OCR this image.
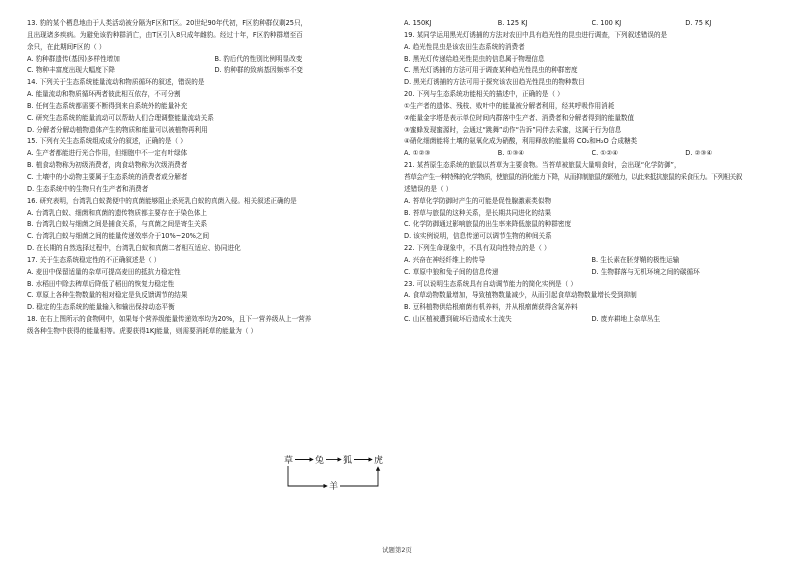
13. 豹的某个栖息地由于人类活动被分隔为F区和T区。20世纪90年代初，F区豹种群仅剩25只，
且出现诸多疾病。为避免该豹种群消亡，由T区引入8只成年雌豹。经过十年，F区豹种群增至百
余只，在此期间F区的（ ）
A. 豹种群遗传(基因)多样性增加	B. 豹后代的性别比例明显改变
C. 物种丰富度出现大幅度下降	D. 豹种群的致病基因频率不变
14. 下列关于生态系统能量流动和物质循环的叙述，错误的是
A. 能量流动和物质循环两者彼此相互依存，不可分割
B. 任何生态系统都需要不断得到来自系统外的能量补充
C. 研究生态系统的能量流动可以帮助人们合理调整能量流动关系
D. 分解者分解动植物遗体产生的物质和能量可以被植物再利用
15. 下列有关生态系统组成成分的叙述，正确的是（ ）
A. 生产者都能进行光合作用，但细胞中不一定有叶绿体
B. 植食动物称为初级消费者，肉食动物称为次级消费者
C. 土壤中的小动物主要属于生态系统的消费者或分解者
D. 生态系统中的生物只有生产者和消费者
16. 研究表明，台湾乳白蚁粪便中的真菌能够阻止杀死乳白蚁的真菌入侵。相关叙述正确的是
A. 台湾乳白蚁、细菌和真菌的遗传物质都主要存在于染色体上
B. 台湾乳白蚁与细菌之间是捕食关系，与真菌之间是寄生关系
C. 台湾乳白蚁与细菌之间的能量传递效率介于10%~20%之间
D. 在长期的自然选择过程中，台湾乳白蚁和真菌二者相互适应、协同进化
17. 关于生态系统稳定性的不正确叙述是（ ）
A. 麦田中保留适量的杂草可提高麦田的抵抗力稳定性
B. 水稻田中除去稗草后降低了稻田的恢复力稳定性
C. 草原上各种生物数量的相对稳定是负反馈调节的结果
D. 稳定的生态系统的能量输入和输出保持动态平衡
18. 在右上图所示的食物网中，如果每个营养级能量传递效率均为20%，且下一营养级从上一营养
级各种生物中获得的能量相等。虎要获得1KJ能量，则需要消耗草的能量为（ ）
草 兔 狐 虎
羊
A. 150KJ	B. 125 KJ	C. 100 KJ	D. 75 KJ
19. 某同学运用黑光灯诱捕的方法对农田中具有趋光性的昆虫进行调查，下列叙述错误的是
A. 趋光性昆虫是该农田生态系统的消费者
B. 黑光灯传递给趋光性昆虫的信息属于物理信息
C. 黑光灯诱捕的方法可用于调查某种趋光性昆虫的种群密度
D. 黑光灯诱捕的方法可用于探究该农田趋光性昆虫的物种数目
20. 下列与生态系统功能相关的描述中，正确的是（ ）
①生产者的遗体、残枝、败叶中的能量被分解者利用，经其呼吸作用消耗
②能量金字塔是表示单位时间内群落中生产者、消费者和分解者得到的能量数值
③蜜蜂发现蜜源时，会通过“跳舞”动作“告诉”同伴去采蜜，这属于行为信息
④硝化细菌能将土壤的氨氧化成为硝酸，利用释放的能量将 CO₂和H₂O 合成糖类
A. ①②③	B. ①③④	C. ①②④	D. ②③④
21. 某苔原生态系统的旅鼠以苔草为主要食物。当苔草被旅鼠大量啃食时，会出现“化学防御”，
苔草会产生一种特殊的化学物质，使旅鼠的消化能力下降，从而抑制旅鼠的繁殖力，以此来抵抗旅鼠的采食压力。下列相关叙
述错误的是（ ）
A. 苔草化学防御时产生的可能是促性腺激素类似物
B. 苔草与旅鼠的这种关系，是长期共同进化的结果
C. 化学防御通过影响旅鼠的出生率来降低旅鼠的种群密度
D. 该实例说明，信息传递可以调节生物的种间关系
22. 下列生命现象中，不具有双向性特点的是（ ）
A. 兴奋在神经纤维上的传导	B. 生长素在胚芽鞘的极性运输
C. 草原中狼和兔子间的信息传递	D. 生物群落与无机环境之间的碳循环
23. 可以说明生态系统具有自动调节能力的简化实例是（ ）
A. 食草动物数量增加，导致植物数量减少，从而引起食草动物数量增长受到抑制
B. 豆科植物供给根瘤菌有机养料，并从根瘤菌获得含氮养料
C. 山区植被遭到破坏后造成水土流失	D. 废弃耕地上杂草丛生
试题第2页
